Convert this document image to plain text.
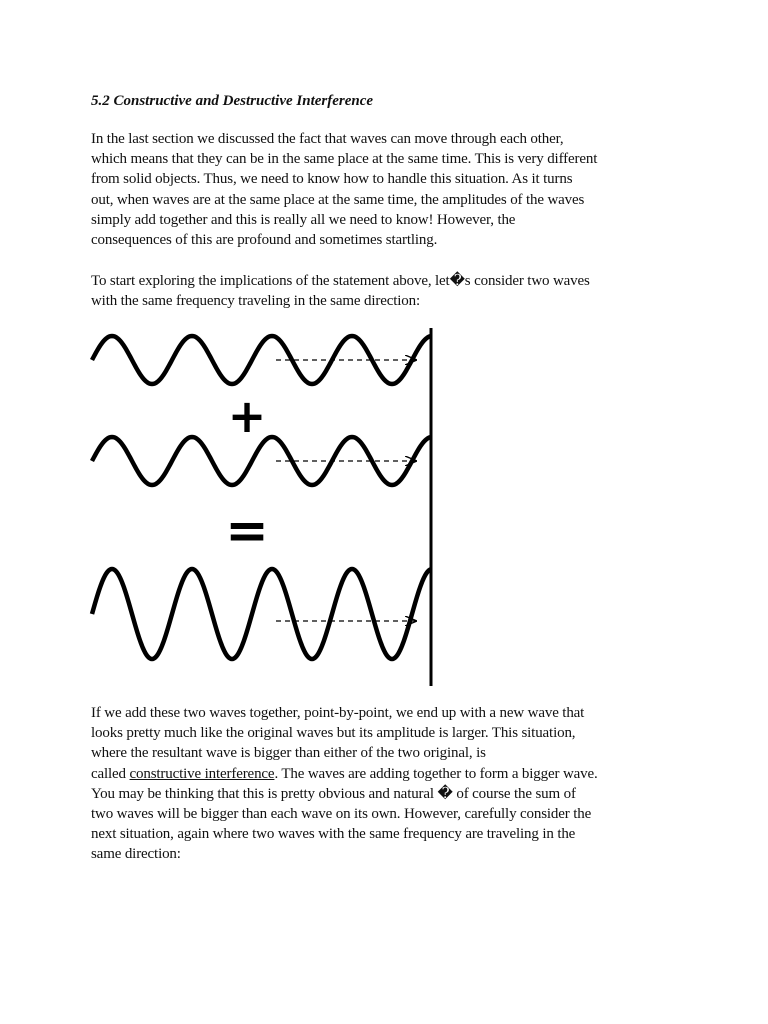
5.2 Constructive and Destructive Interference

In the last section we discussed the fact that waves can move through each other,
which means that they can be in the same place at the same time. This is very different
from solid objects. Thus, we need to know how to handle this situation. As it turns
out, when waves are at the same place at the same time, the amplitudes of the waves
simply add together and this is really all we need to know! However, the
consequences of this are profound and sometimes startling.

To start exploring the implications of the statement above, let�s consider two waves
with the same frequency traveling in the same direction:

+
=

If we add these two waves together, point-by-point, we end up with a new wave that
looks pretty much like the original waves but its amplitude is larger. This situation,
where the resultant wave is bigger than either of the two original, is
called constructive interference. The waves are adding together to form a bigger wave.
You may be thinking that this is pretty obvious and natural � of course the sum of
two waves will be bigger than each wave on its own. However, carefully consider the
next situation, again where two waves with the same frequency are traveling in the
same direction:
